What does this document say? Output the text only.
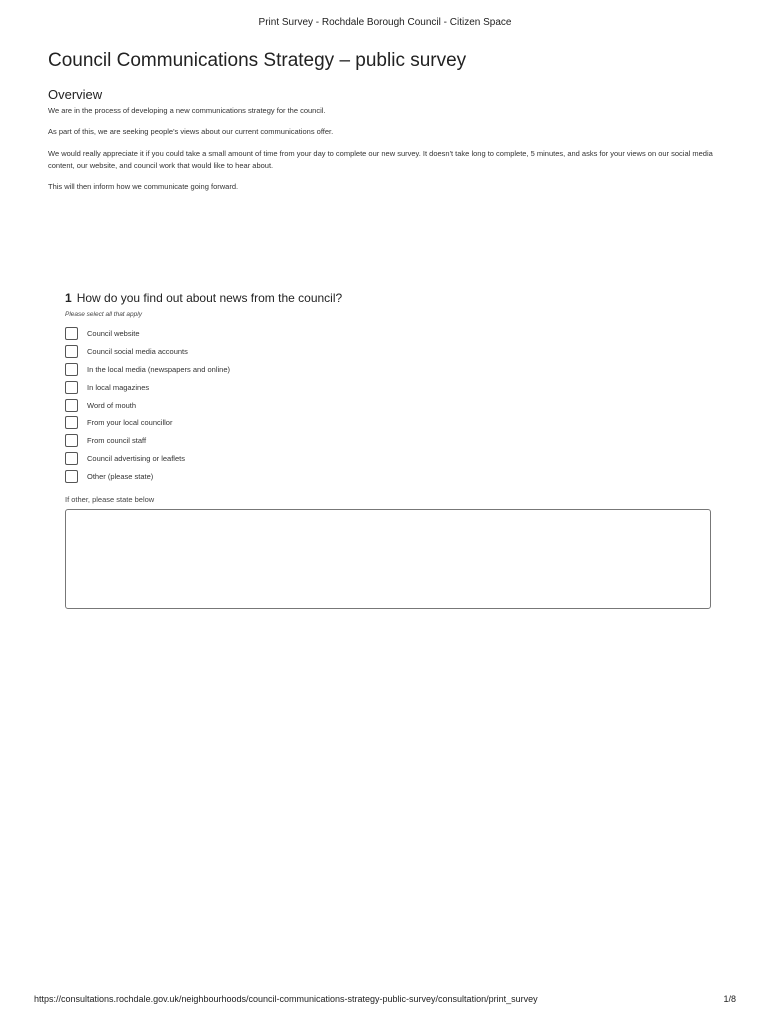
Print Survey - Rochdale Borough Council - Citizen Space
Council Communications Strategy – public survey
Overview

We are in the process of developing a new communications strategy for the council.

As part of this, we are seeking people's views about our current communications offer.

We would really appreciate it if you could take a small amount of time from your day to complete our new survey. It doesn't take long to complete, 5 minutes, and asks for your views on our social media content, our website, and council work that would like to hear about.

This will then inform how we communicate going forward.

1 How do you find out about news from the council?
Please select all that apply
Council website
Council social media accounts
In the local media (newspapers and online)
In local magazines
Word of mouth
From your local councillor
From council staff
Council advertising or leaflets
Other (please state)
If other, please state below
https://consultations.rochdale.gov.uk/neighbourhoods/council-communications-strategy-public-survey/consultation/print_survey	1/8
